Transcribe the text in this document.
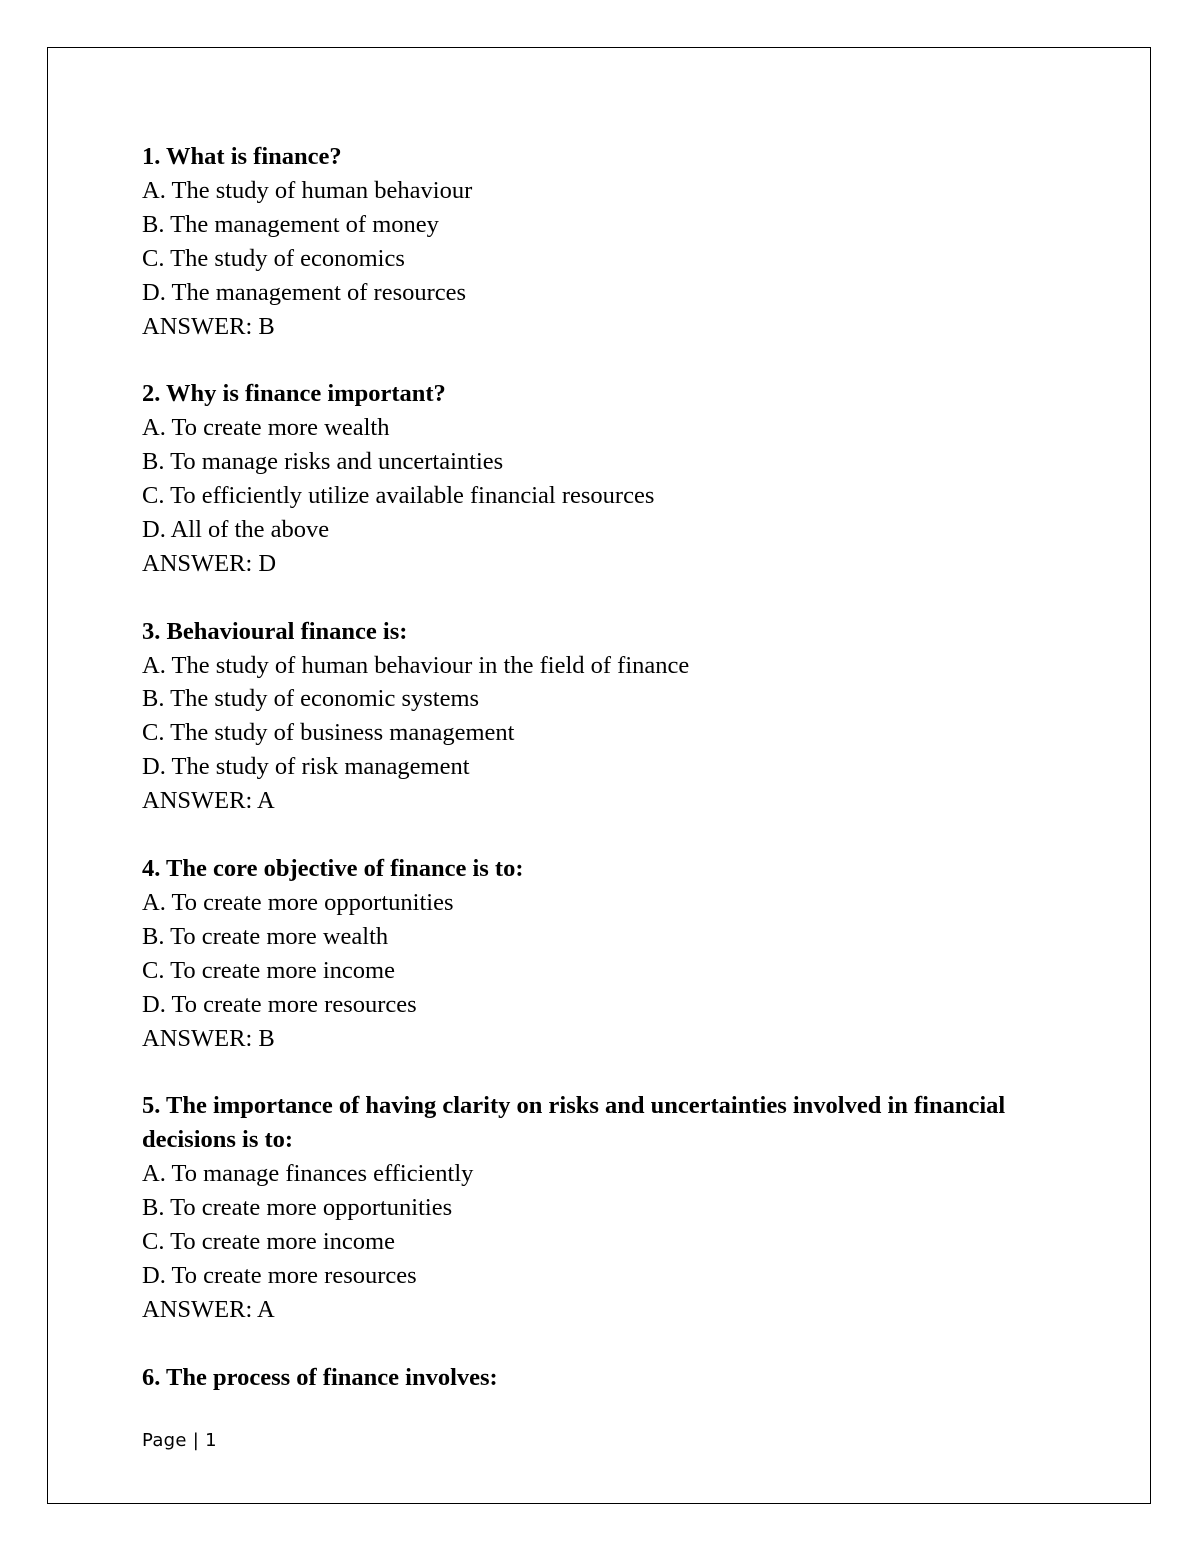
1. What is finance?
A. The study of human behaviour
B. The management of money
C. The study of economics
D. The management of resources
ANSWER: B
2. Why is finance important?
A. To create more wealth
B. To manage risks and uncertainties
C. To efficiently utilize available financial resources
D. All of the above
ANSWER: D
3. Behavioural finance is:
A. The study of human behaviour in the field of finance
B. The study of economic systems
C. The study of business management
D. The study of risk management
ANSWER: A
4. The core objective of finance is to:
A. To create more opportunities
B. To create more wealth
C. To create more income
D. To create more resources
ANSWER: B
5. The importance of having clarity on risks and uncertainties involved in financial decisions is to:
A. To manage finances efficiently
B. To create more opportunities
C. To create more income
D. To create more resources
ANSWER: A
6. The process of finance involves:
Page | 1
